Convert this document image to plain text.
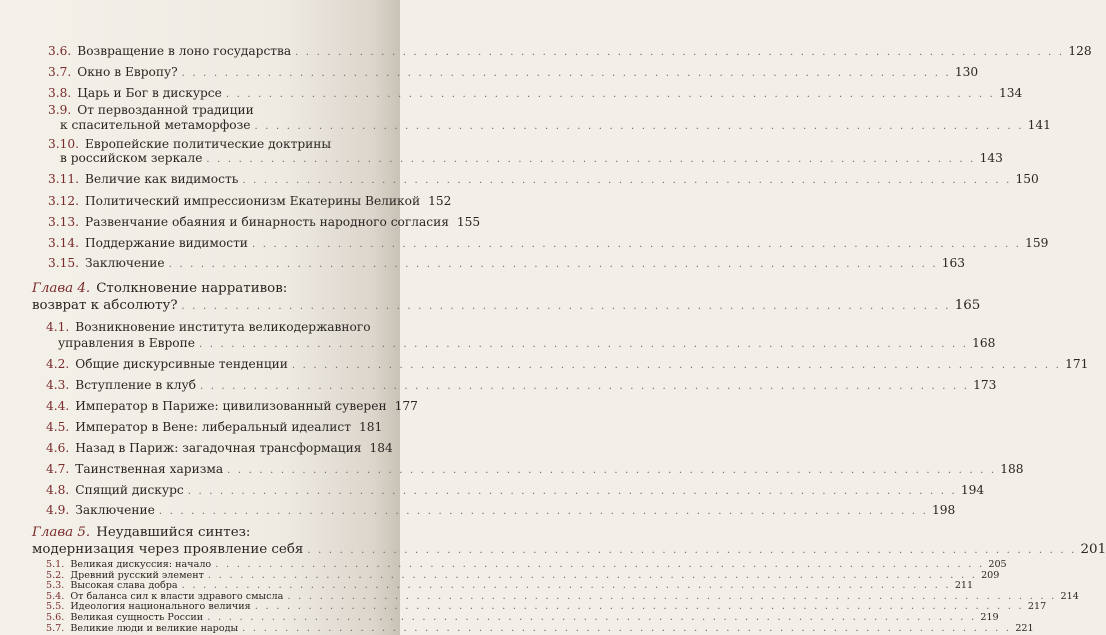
3.6. Возвращение в лоно государства . . .	128
3.7. Окно в Европу? . . .	130
3.8. Царь и Бог в дискурсе . . .	134
3.9. От первозданной традиции
к спасительной метаморфозе . . .	141
3.10. Европейские политические доктрины
в российском зеркале . . .	143
3.11. Величие как видимость . . .	150
3.12. Политический импрессионизм Екатерины Великой 152
3.13. Развенчание обаяния и бинарность народного согласия 155
3.14. Поддержание видимости . . .	159
3.15. Заключение . . .	163
Глава 4. Столкновение нарративов:
возврат к абсолюту? . . .	165
4.1. Возникновение института великодержавного
управления в Европе . . .	168
4.2. Общие дискурсивные тенденции . . .	171
4.3. Вступление в клуб . . .	173
4.4. Император в Париже: цивилизованный суверен 177
4.5. Император в Вене: либеральный идеалист 181
4.6. Назад в Париж: загадочная трансформация 184
4.7. Таинственная харизма . . .	188
4.8. Спящий дискурс . . .	194
4.9. Заключение . . .	198
Глава 5. Неудавшийся синтез:
модернизация через проявление себя . . .	201
5.1. Великая дискуссия: начало . . .	205
5.2. Древний русский элемент . . .	209
5.3. Высокая слава добра . . .	211
5.4. От баланса сил к власти здравого смысла . . .	214
5.5. Идеология национального величия . . .	217
5.6. Великая сущность России . . .	219
5.7. Великие люди и великие народы . . .	221
